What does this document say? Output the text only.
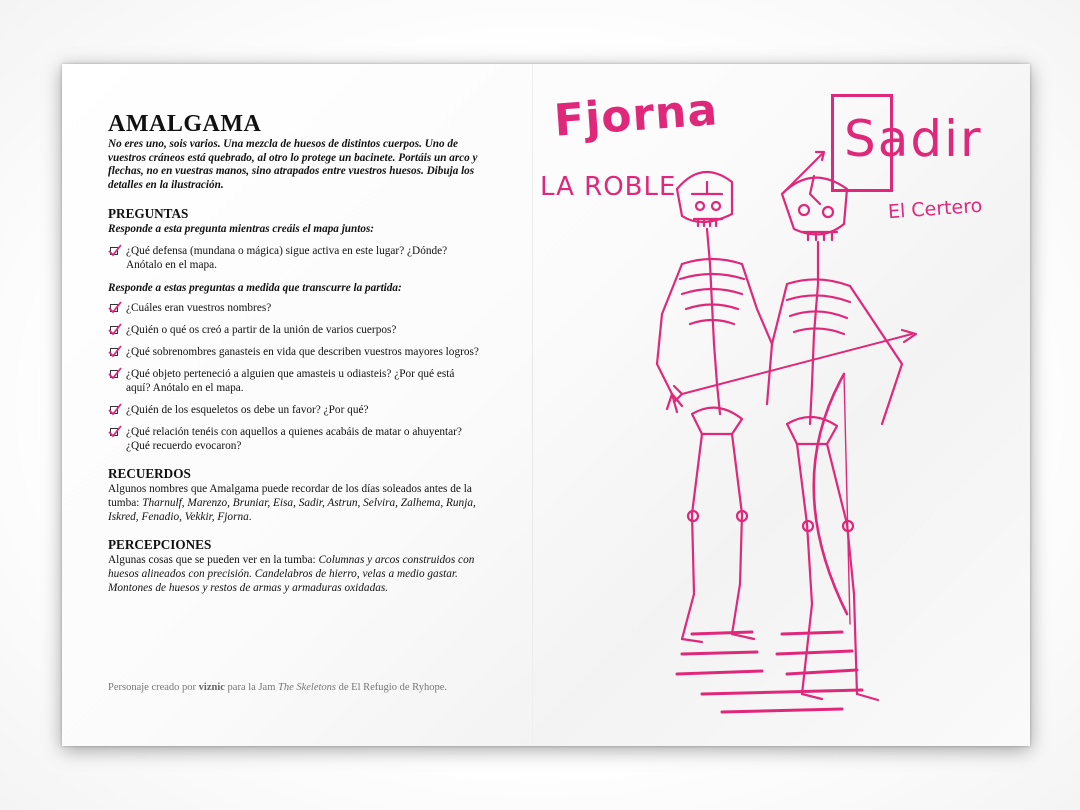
AMALGAMA

No eres uno, sois varios. Una mezcla de huesos de distintos cuerpos. Uno de vuestros cráneos está quebrado, al otro lo protege un bacinete. Portáis un arco y flechas, no en vuestras manos, sino atrapados entre vuestros huesos. Dibuja los detalles en la ilustración.

PREGUNTAS

Responde a esta pregunta mientras creáis el mapa juntos:

¿Qué defensa (mundana o mágica) sigue activa en este lugar? ¿Dónde? Anótalo en el mapa.

Responde a estas preguntas a medida que transcurre la partida:

¿Cuáles eran vuestros nombres?
¿Quién o qué os creó a partir de la unión de varios cuerpos?
¿Qué sobrenombres ganasteis en vida que describen vuestros mayores logros?
¿Qué objeto perteneció a alguien que amasteis u odiasteis? ¿Por qué está aquí? Anótalo en el mapa.
¿Quién de los esqueletos os debe un favor? ¿Por qué?
¿Qué relación tenéis con aquellos a quienes acabáis de matar o ahuyentar? ¿Qué recuerdo evocaron?
RECUERDOS

Algunos nombres que Amalgama puede recordar de los días soleados antes de la tumba: Tharnulf, Marenzo, Bruniar, Eisa, Sadir, Astrun, Selvira, Zalhema, Runja, Iskred, Fenadio, Vekkir, Fjorna.

PERCEPCIONES

Algunas cosas que se pueden ver en la tumba: Columnas y arcos construidos con huesos alineados con precisión. Candelabros de hierro, velas a medio gastar. Montones de huesos y restos de armas y armaduras oxidadas.

Personaje creado por viznic para la Jam The Skeletons de El Refugio de Ryhope.
Fjorna
LA ROBLE
Sadir
El Certero
